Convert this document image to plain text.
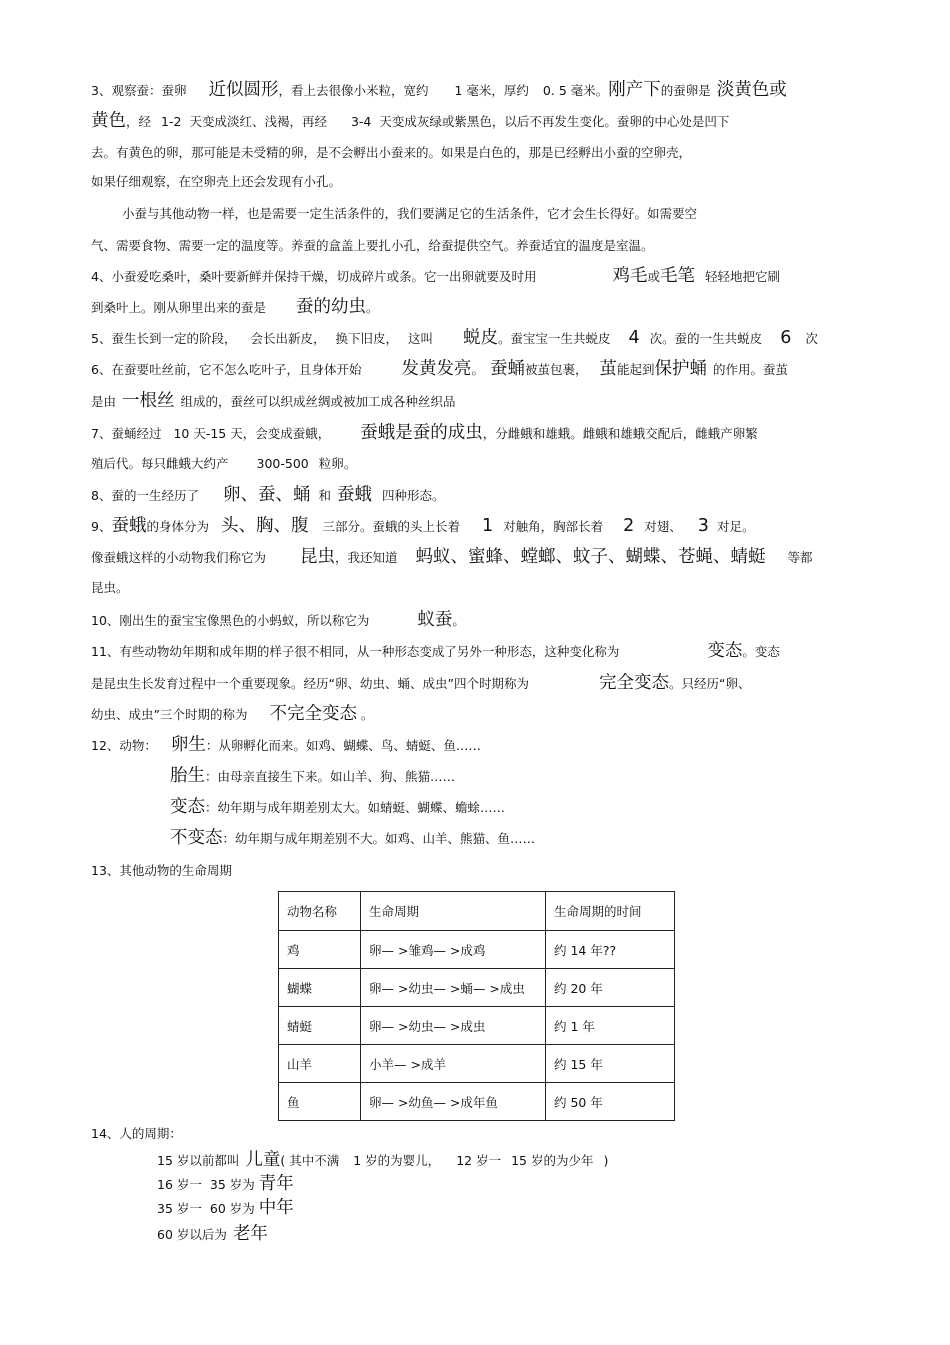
3、观察蚕：蚕卵 近似圆形，看上去很像小米粒，宽约 1 毫米，厚约 0. 5 毫米。刚产下的蚕卵是 淡黄色或
黄色，经 1-2 天变成淡红、浅褐，再经 3-4 天变成灰绿或紫黑色，以后不再发生变化。蚕卵的中心处是凹下
去。有黄色的卵，那可能是未受精的卵，是不会孵出小蚕来的。如果是白色的，那是已经孵出小蚕的空卵壳，
如果仔细观察，在空卵壳上还会发现有小孔。
小蚕与其他动物一样，也是需要一定生活条件的，我们要满足它的生活条件，它才会生长得好。如需要空
气、需要食物、需要一定的温度等。养蚕的盒盖上要扎小孔，给蚕提供空气。养蚕适宜的温度是室温。
4、小蚕爱吃桑叶，桑叶要新鲜并保持干燥，切成碎片或条。它一出卵就要及时用	鸡毛或毛笔 轻轻地把它刷
到桑叶上。刚从卵里出来的蚕是 蚕的幼虫。
5、蚕生长到一定的阶段， 会长出新皮， 换下旧皮， 这叫 蜕皮。蚕宝宝一生共蜕皮 4 次。蚕的一生共蜕皮 6 次
6、在蚕要吐丝前，它不怎么吃叶子，且身体开始 发黄发亮。 蚕蛹被茧包裹， 茧能起到保护蛹 的作用。蚕茧
是由 一根丝 组成的，蚕丝可以织成丝绸或被加工成各种丝织品
7、蚕蛹经过 10 天-15 天，会变成蚕蛾， 蚕蛾是蚕的成虫，分雌蛾和雄蛾。雌蛾和雄蛾交配后，雌蛾产卵繁
殖后代。每只雌蛾大约产 300-500 粒卵。
8、蚕的一生经历了 卵、蚕、蛹 和 蚕蛾 四种形态。
9、蚕蛾的身体分为 头、胸、腹 三部分。蚕蛾的头上长着 1 对触角，胸部长着 2 对翅、 3 对足。
像蚕蛾这样的小动物我们称它为 昆虫，我还知道 蚂蚁、蜜蜂、螳螂、蚊子、蝴蝶、苍蝇、蜻蜓 等都
昆虫。
10、刚出生的蚕宝宝像黑色的小蚂蚁，所以称它为	蚁蚕。
11、有些动物幼年期和成年期的样子很不相同，从一种形态变成了另外一种形态，这种变化称为	变态。变态
是昆虫生长发育过程中一个重要现象。经历“卵、幼虫、蛹、成虫”四个时期称为	完全变态。只经历“卵、
幼虫、成虫”三个时期的称为 不完全变态 。
12、动物： 卵生：从卵孵化而来。如鸡、蝴蝶、鸟、蜻蜓、鱼……
胎生：由母亲直接生下来。如山羊、狗、熊猫……
变态：幼年期与成年期差别太大。如蜻蜓、蝴蝶、蟾蜍……
不变态：幼年期与成年期差别不大。如鸡、山羊、熊猫、鱼……
13、其他动物的生命周期
动物名称	生命周期	生命周期的时间
鸡	卵— >雏鸡— >成鸡	约 14 年??
蝴蝶	卵— >幼虫— >蛹— >成虫	约 20 年
蜻蜓	卵— >幼虫— >成虫	约 1 年
山羊	小羊— >成羊	约 15 年
鱼	卵— >幼鱼— >成年鱼	约 50 年
14、人的周期：
15 岁以前都叫 儿童( 其中不满 1 岁的为婴儿， 12 岁一 15 岁的为少年 )
16 岁一 35 岁为 青年
35 岁一 60 岁为 中年
60 岁以后为 老年
